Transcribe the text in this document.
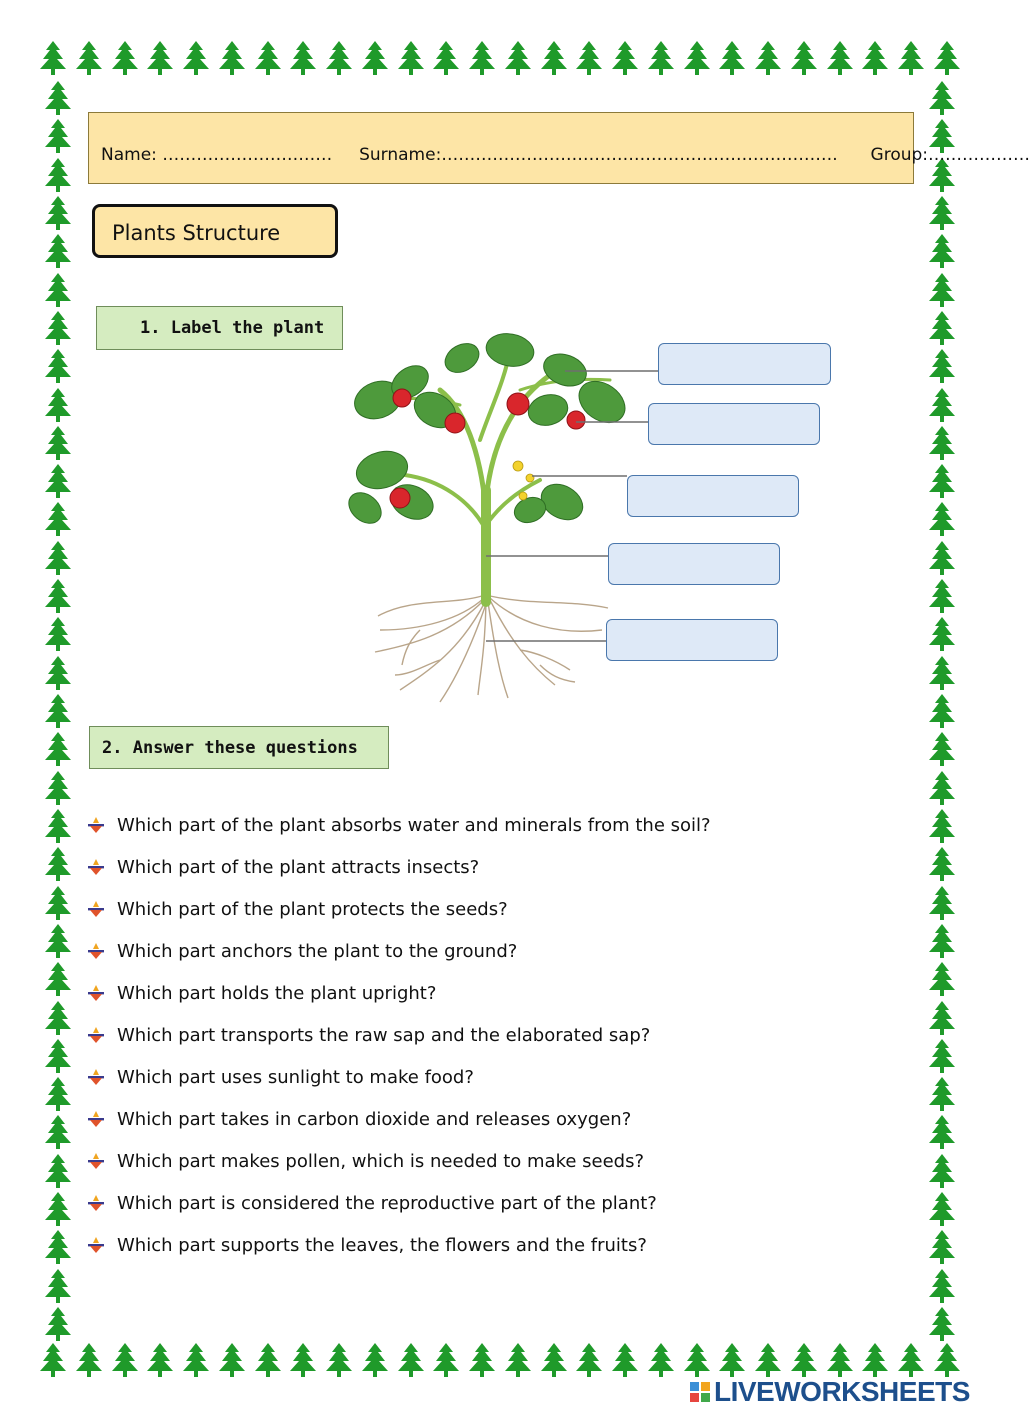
Name: ………………………… Surname:……………………………………………………………. Group:………………
Plants Structure
1. Label the plant
2. Answer these questions
Which part of the plant absorbs water and minerals from the soil?
Which part of the plant attracts insects?
Which part of the plant protects the seeds?
Which part anchors the plant to the ground?
Which part holds the plant upright?
Which part transports the raw sap and the elaborated sap?
Which part uses sunlight to make food?
Which part takes in carbon dioxide and releases oxygen?
Which part makes pollen, which is needed to make seeds?
Which part is considered the reproductive part of the plant?
Which part supports the leaves, the flowers and the fruits?
LIVEWORKSHEETS
